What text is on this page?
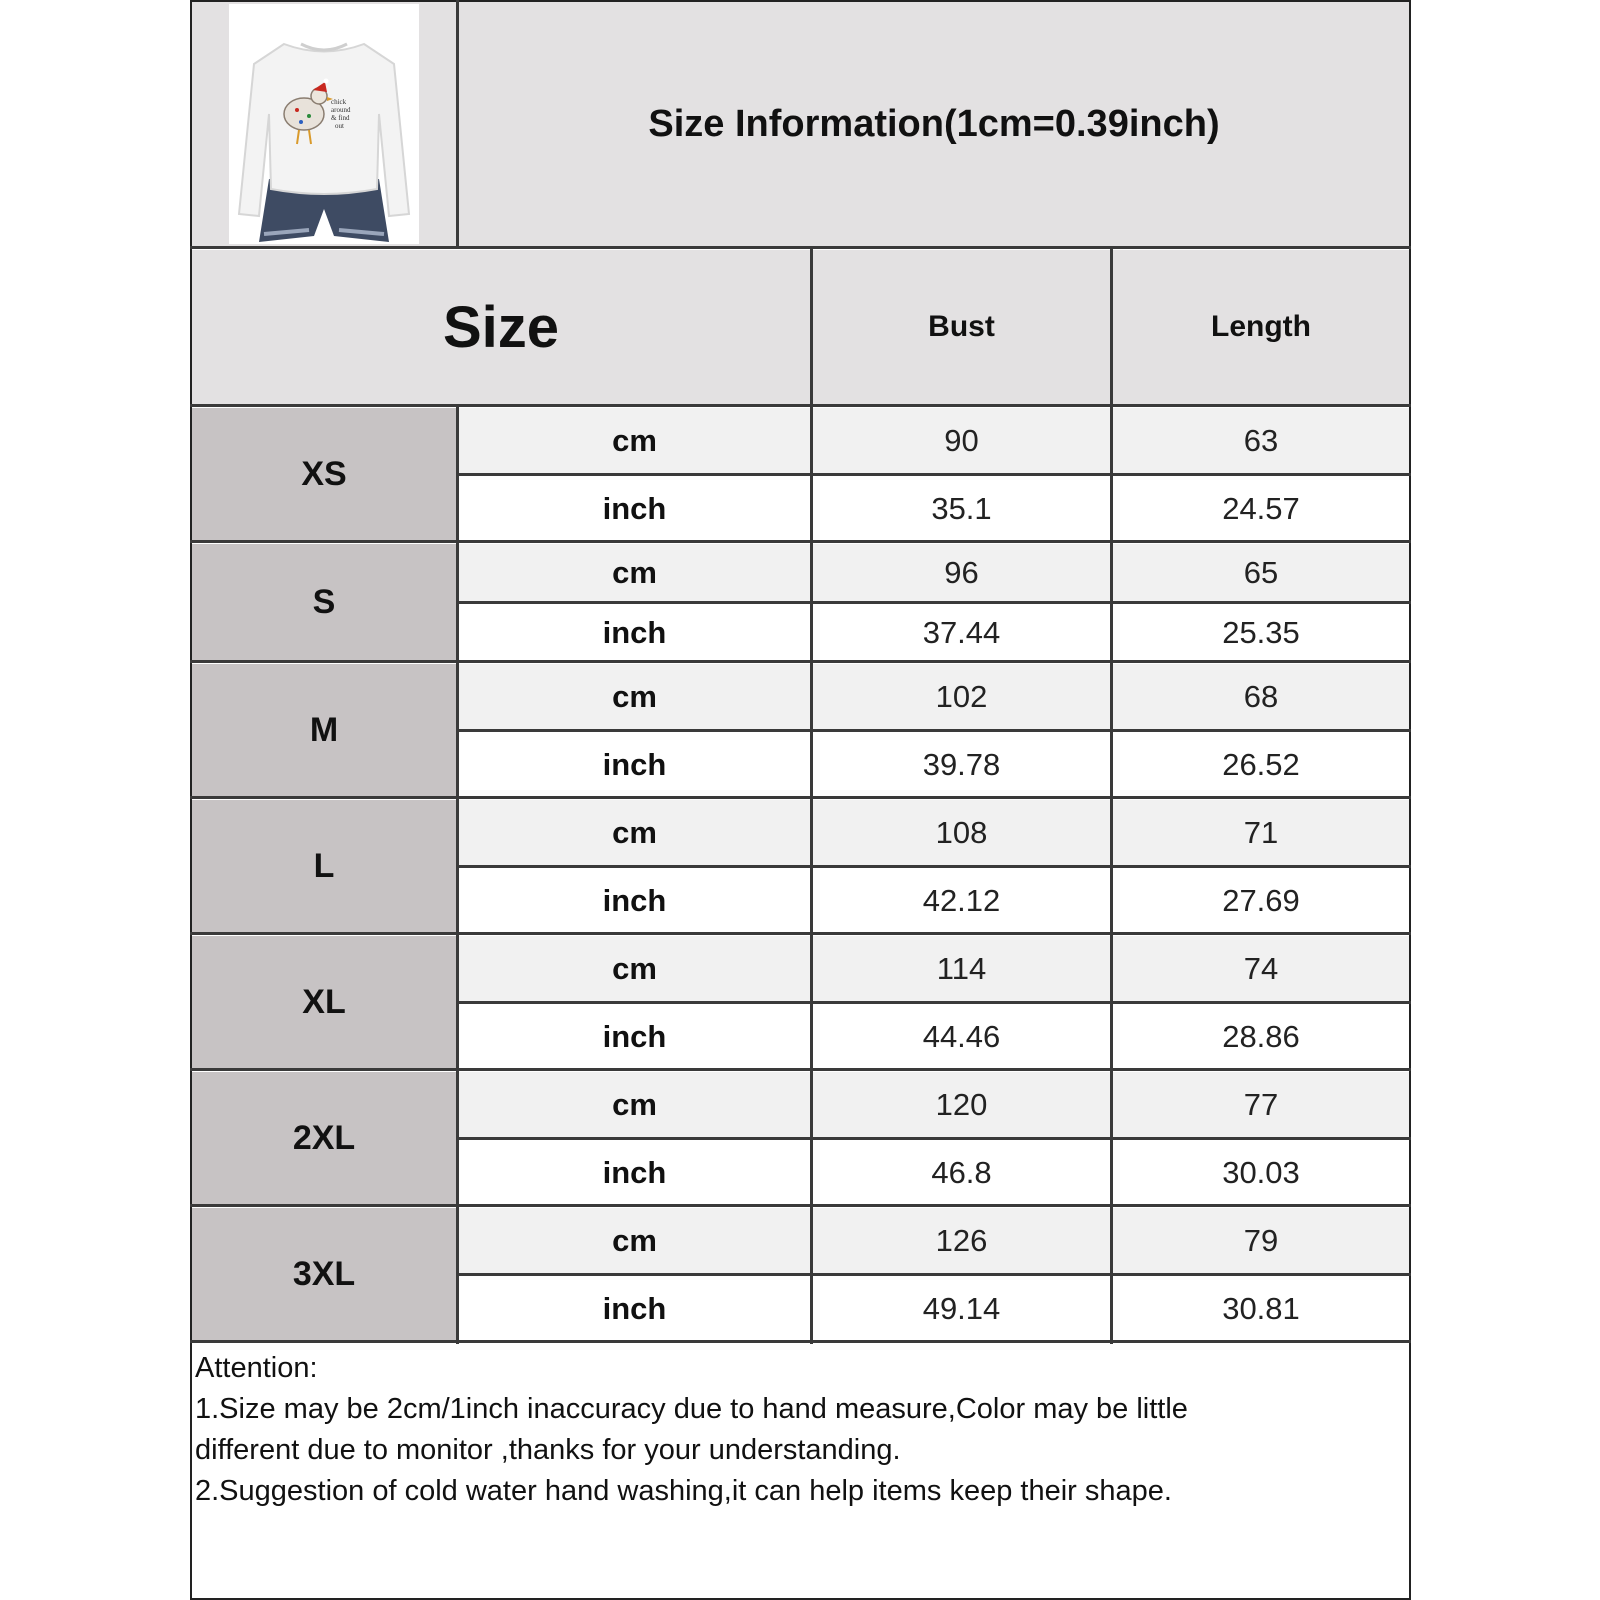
chick
around
& find
out	Size Information(1cm=0.39inch)
Size	Bust	Length
XS
cm	90	63
inch	35.1	24.57
S
cm	96	65
inch	37.44	25.35
M
cm	102	68
inch	39.78	26.52
L
cm	108	71
inch	42.12	27.69
XL
cm	114	74
inch	44.46	28.86
2XL
cm	120	77
inch	46.8	30.03
3XL
cm	126	79
inch	49.14	30.81
Attention:
1.Size may be 2cm/1inch inaccuracy due to hand measure,Color may be little
different due to monitor ,thanks for your understanding.
2.Suggestion of cold water hand washing,it can help items keep their shape.
